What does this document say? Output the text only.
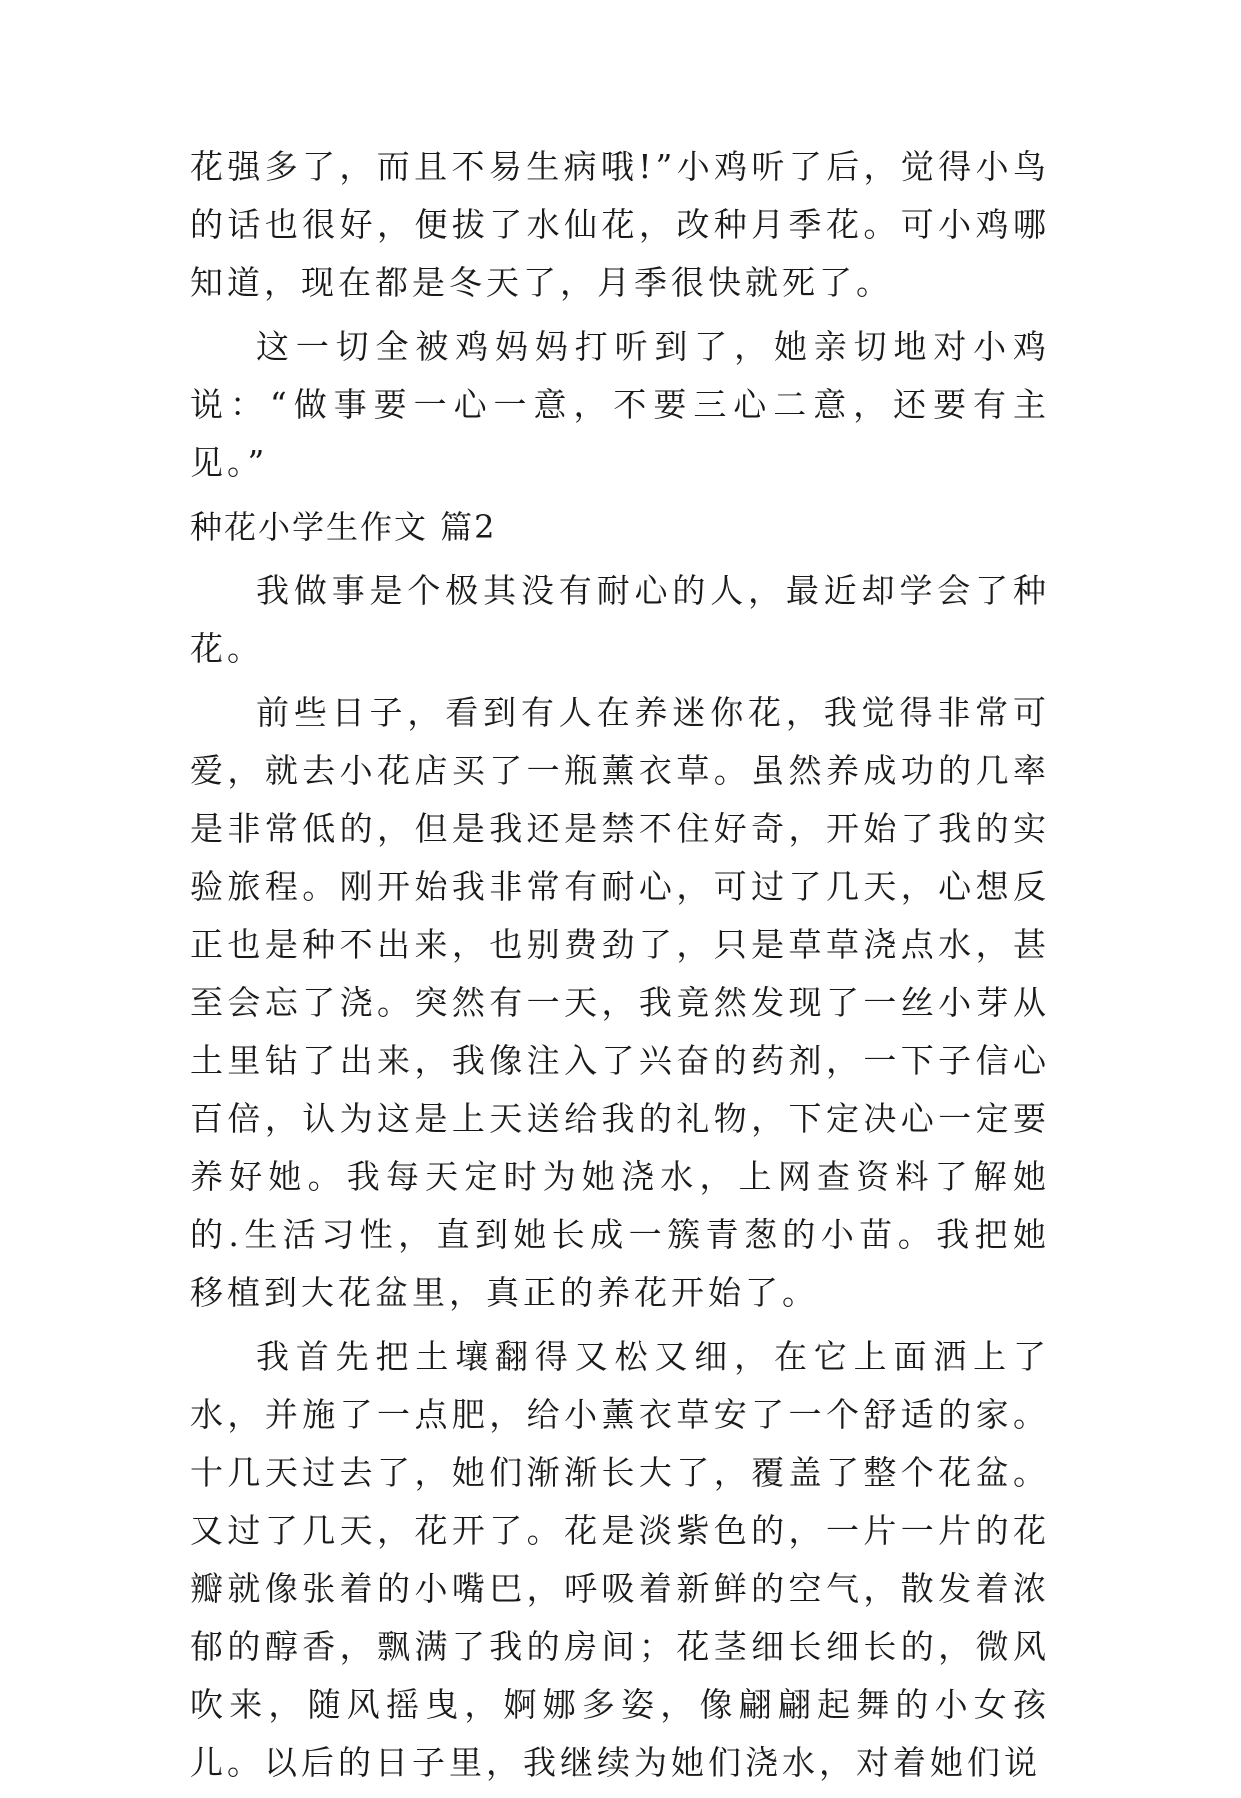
花强多了，而且不易生病哦!”小鸡听了后，觉得小鸟的话也很好，便拔了水仙花，改种月季花。可小鸡哪知道，现在都是冬天了，月季很快就死了。

这一切全被鸡妈妈打听到了，她亲切地对小鸡说：“做事要一心一意，不要三心二意，还要有主见。”

种花小学生作文 篇2

我做事是个极其没有耐心的人，最近却学会了种花。

前些日子，看到有人在养迷你花，我觉得非常可爱，就去小花店买了一瓶薰衣草。虽然养成功的几率是非常低的，但是我还是禁不住好奇，开始了我的实验旅程。刚开始我非常有耐心，可过了几天，心想反正也是种不出来，也别费劲了，只是草草浇点水，甚至会忘了浇。突然有一天，我竟然发现了一丝小芽从土里钻了出来，我像注入了兴奋的药剂，一下子信心百倍，认为这是上天送给我的礼物，下定决心一定要养好她。我每天定时为她浇水，上网查资料了解她的.生活习性，直到她长成一簇青葱的小苗。我把她移植到大花盆里，真正的养花开始了。

我首先把土壤翻得又松又细，在它上面洒上了水，并施了一点肥，给小薰衣草安了一个舒适的家。十几天过去了，她们渐渐长大了，覆盖了整个花盆。又过了几天，花开了。花是淡紫色的，一片一片的花瓣就像张着的小嘴巴，呼吸着新鲜的空气，散发着浓郁的醇香，飘满了我的房间；花茎细长细长的，微风吹来，随风摇曳，婀娜多姿，像翩翩起舞的小女孩儿。以后的日子里，我继续为她们浇水，对着她们说
